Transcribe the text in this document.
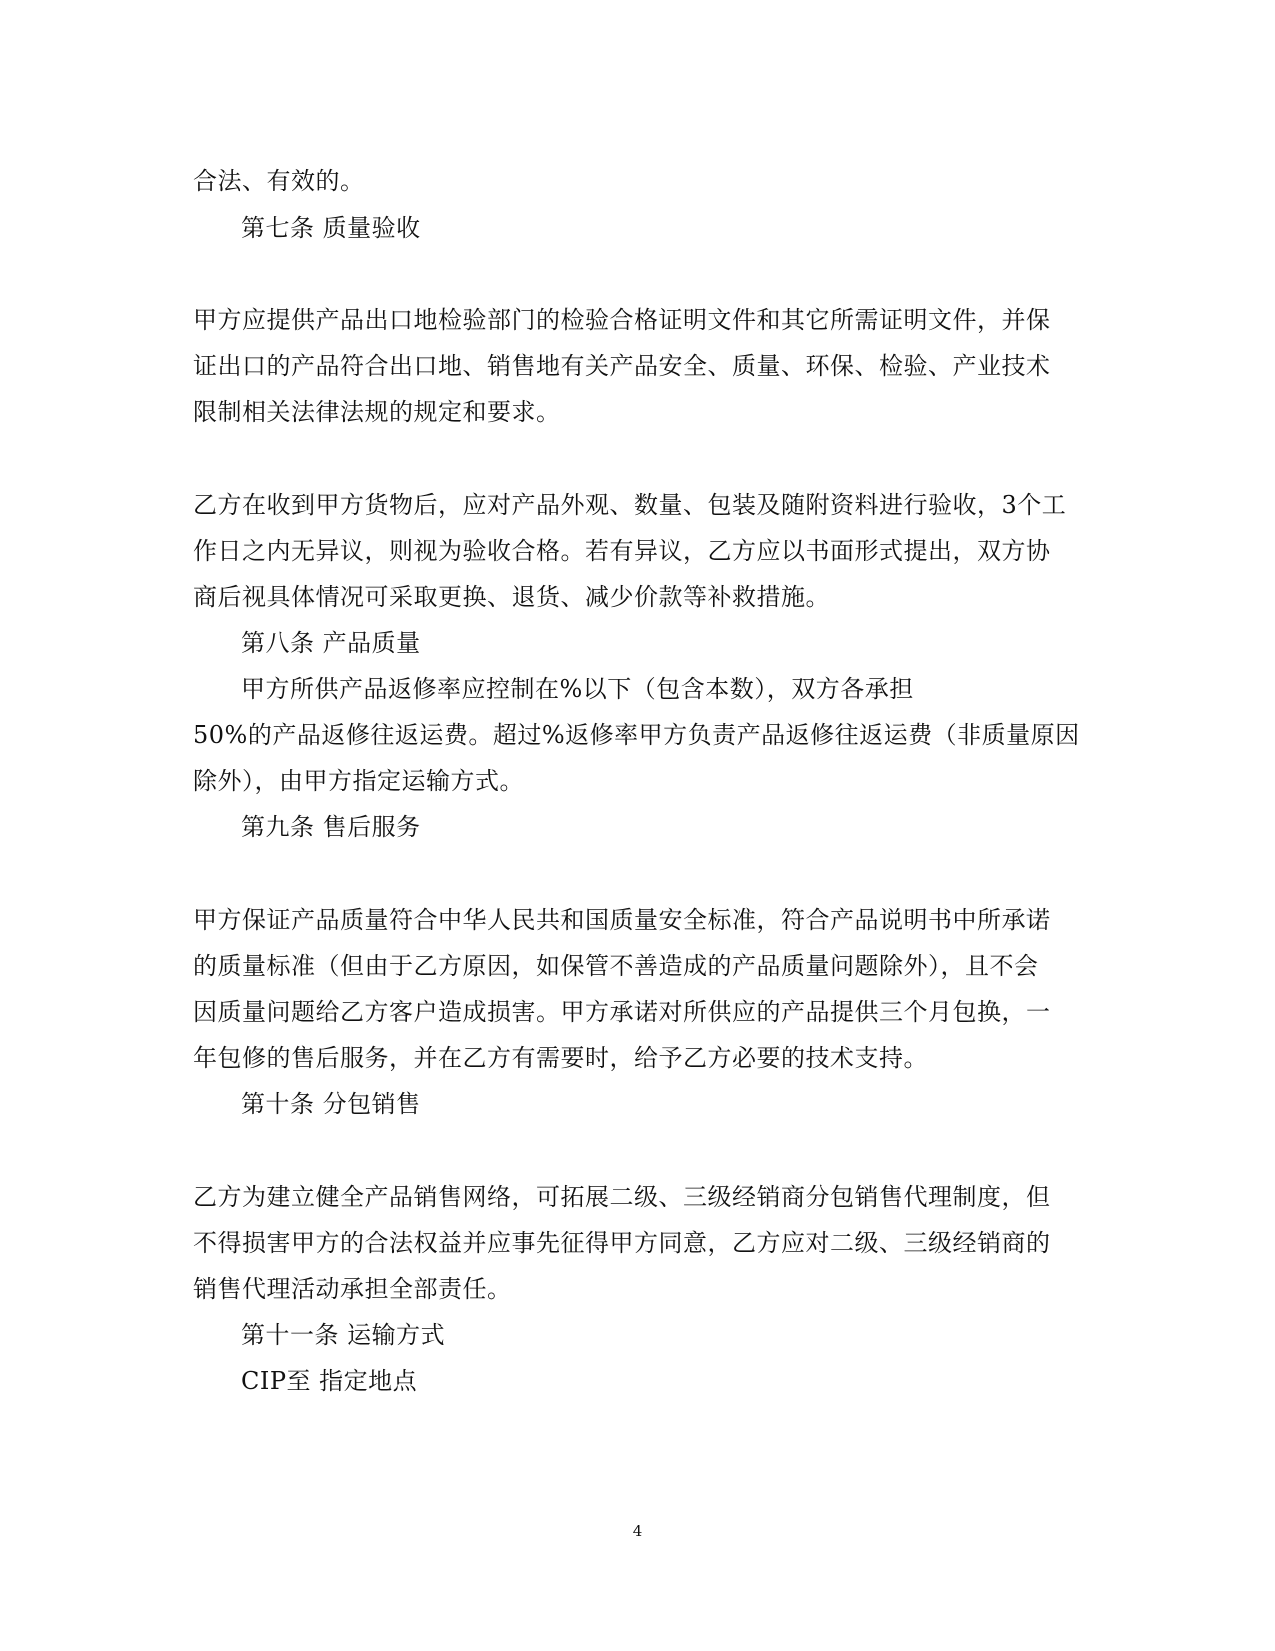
合法、有效的。
第七条 质量验收
甲方应提供产品出口地检验部门的检验合格证明文件和其它所需证明文件，并保
证出口的产品符合出口地、销售地有关产品安全、质量、环保、检验、产业技术
限制相关法律法规的规定和要求。
乙方在收到甲方货物后，应对产品外观、数量、包装及随附资料进行验收，3个工
作日之内无异议，则视为验收合格。若有异议，乙方应以书面形式提出，双方协
商后视具体情况可采取更换、退货、减少价款等补救措施。
第八条 产品质量
甲方所供产品返修率应控制在%以下（包含本数），双方各承担
50%的产品返修往返运费。超过%返修率甲方负责产品返修往返运费（非质量原因
除外），由甲方指定运输方式。
第九条 售后服务
甲方保证产品质量符合中华人民共和国质量安全标准，符合产品说明书中所承诺
的质量标准（但由于乙方原因，如保管不善造成的产品质量问题除外），且不会
因质量问题给乙方客户造成损害。甲方承诺对所供应的产品提供三个月包换，一
年包修的售后服务，并在乙方有需要时，给予乙方必要的技术支持。
第十条 分包销售
乙方为建立健全产品销售网络，可拓展二级、三级经销商分包销售代理制度，但
不得损害甲方的合法权益并应事先征得甲方同意，乙方应对二级、三级经销商的
销售代理活动承担全部责任。
第十一条 运输方式
CIP至 指定地点
4
